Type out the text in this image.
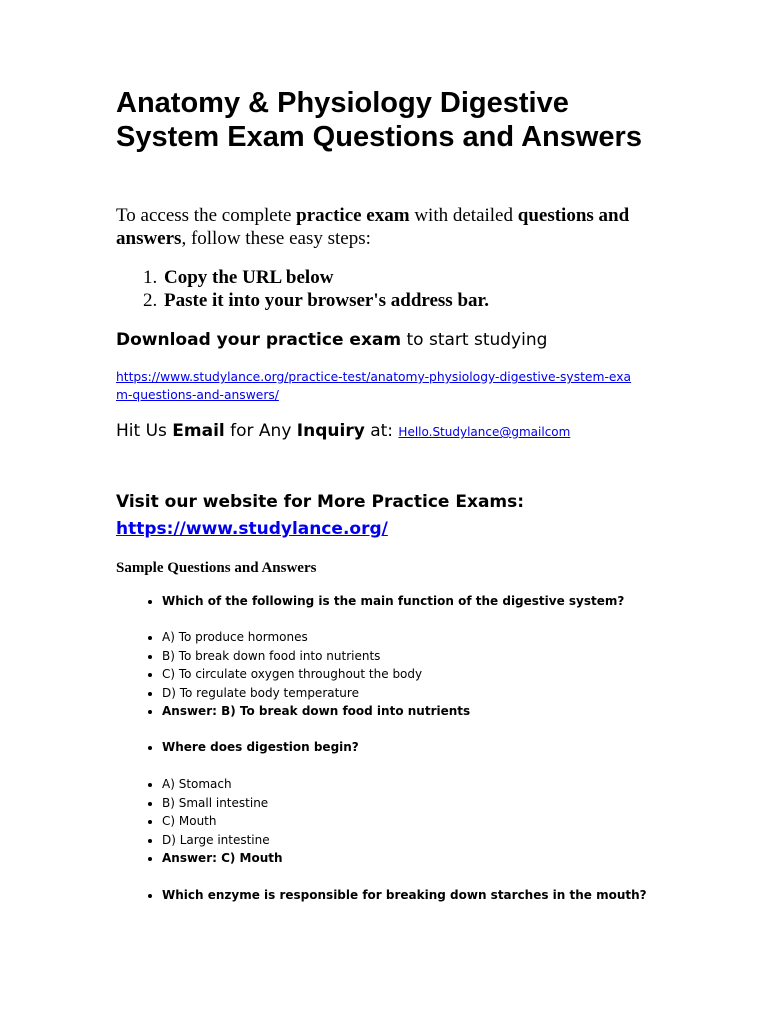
Anatomy & Physiology Digestive System Exam Questions and Answers

To access the complete practice exam with detailed questions and answers, follow these easy steps:

1. Copy the URL below
2. Paste it into your browser's address bar.

Download your practice exam to start studying

https://www.studylance.org/practice-test/anatomy-physiology-digestive-system-exam-questions-and-answers/

Hit Us Email for Any Inquiry at: Hello.Studylance@gmailcom

Visit our website for More Practice Exams:
https://www.studylance.org/

Sample Questions and Answers

• Which of the following is the main function of the digestive system?
• A) To produce hormones
• B) To break down food into nutrients
• C) To circulate oxygen throughout the body
• D) To regulate body temperature
• Answer: B) To break down food into nutrients
• Where does digestion begin?
• A) Stomach
• B) Small intestine
• C) Mouth
• D) Large intestine
• Answer: C) Mouth
• Which enzyme is responsible for breaking down starches in the mouth?
